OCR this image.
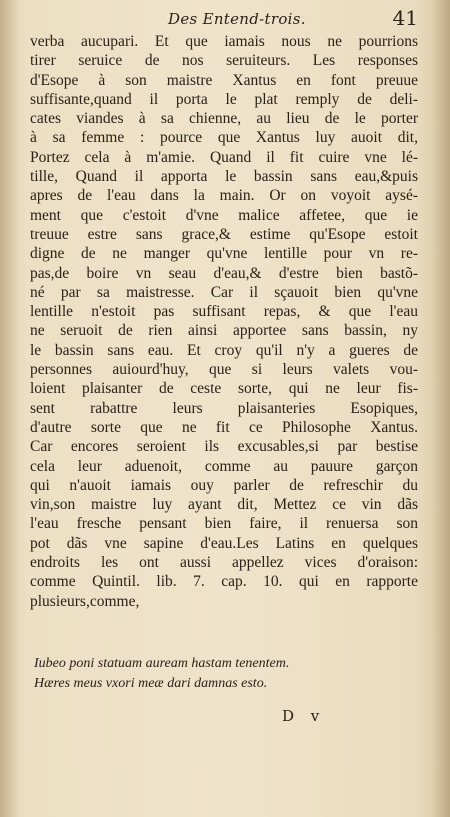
Des Entend-trois.	41
verba aucupari. Et que iamais nous ne pourrions
tirer seruice de nos seruiteurs. Les responses
d'Esope à son maistre Xantus en font preuue
suffisante,quand il porta le plat remply de deli-
cates viandes à sa chienne, au lieu de le porter
à sa femme : pource que Xantus luy auoit dit,
Portez cela à m'amie. Quand il fit cuire vne lé-
tille, Quand il apporta le bassin sans eau,&puis
apres de l'eau dans la main. Or on voyoit aysé-
ment que c'estoit d'vne malice affetee, que ie
treuue estre sans grace,& estime qu'Esope estoit
digne de ne manger qu'vne lentille pour vn re-
pas,de boire vn seau d'eau,& d'estre bien bastõ-
né par sa maistresse. Car il sçauoit bien qu'vne
lentille n'estoit pas suffisant repas, & que l'eau
ne seruoit de rien ainsi apportee sans bassin, ny
le bassin sans eau. Et croy qu'il n'y a gueres de
personnes auiourd'huy, que si leurs valets vou-
loient plaisanter de ceste sorte, qui ne leur fis-
sent rabattre leurs plaisanteries Esopiques,
d'autre sorte que ne fit ce Philosophe Xantus.
Car encores seroient ils excusables,si par bestise
cela leur aduenoit, comme au pauure garçon
qui n'auoit iamais ouy parler de refreschir du
vin,son maistre luy ayant dit, Mettez ce vin dãs
l'eau fresche pensant bien faire, il renuersa son
pot dãs vne sapine d'eau.Les Latins en quelques
endroits les ont aussi appellez vices d'oraison:
comme Quintil. lib. 7. cap. 10. qui en rapporte
plusieurs,comme,
Iubeo poni statuam auream hastam tenentem.
Hæres meus vxori meæ dari damnas esto.
D v
